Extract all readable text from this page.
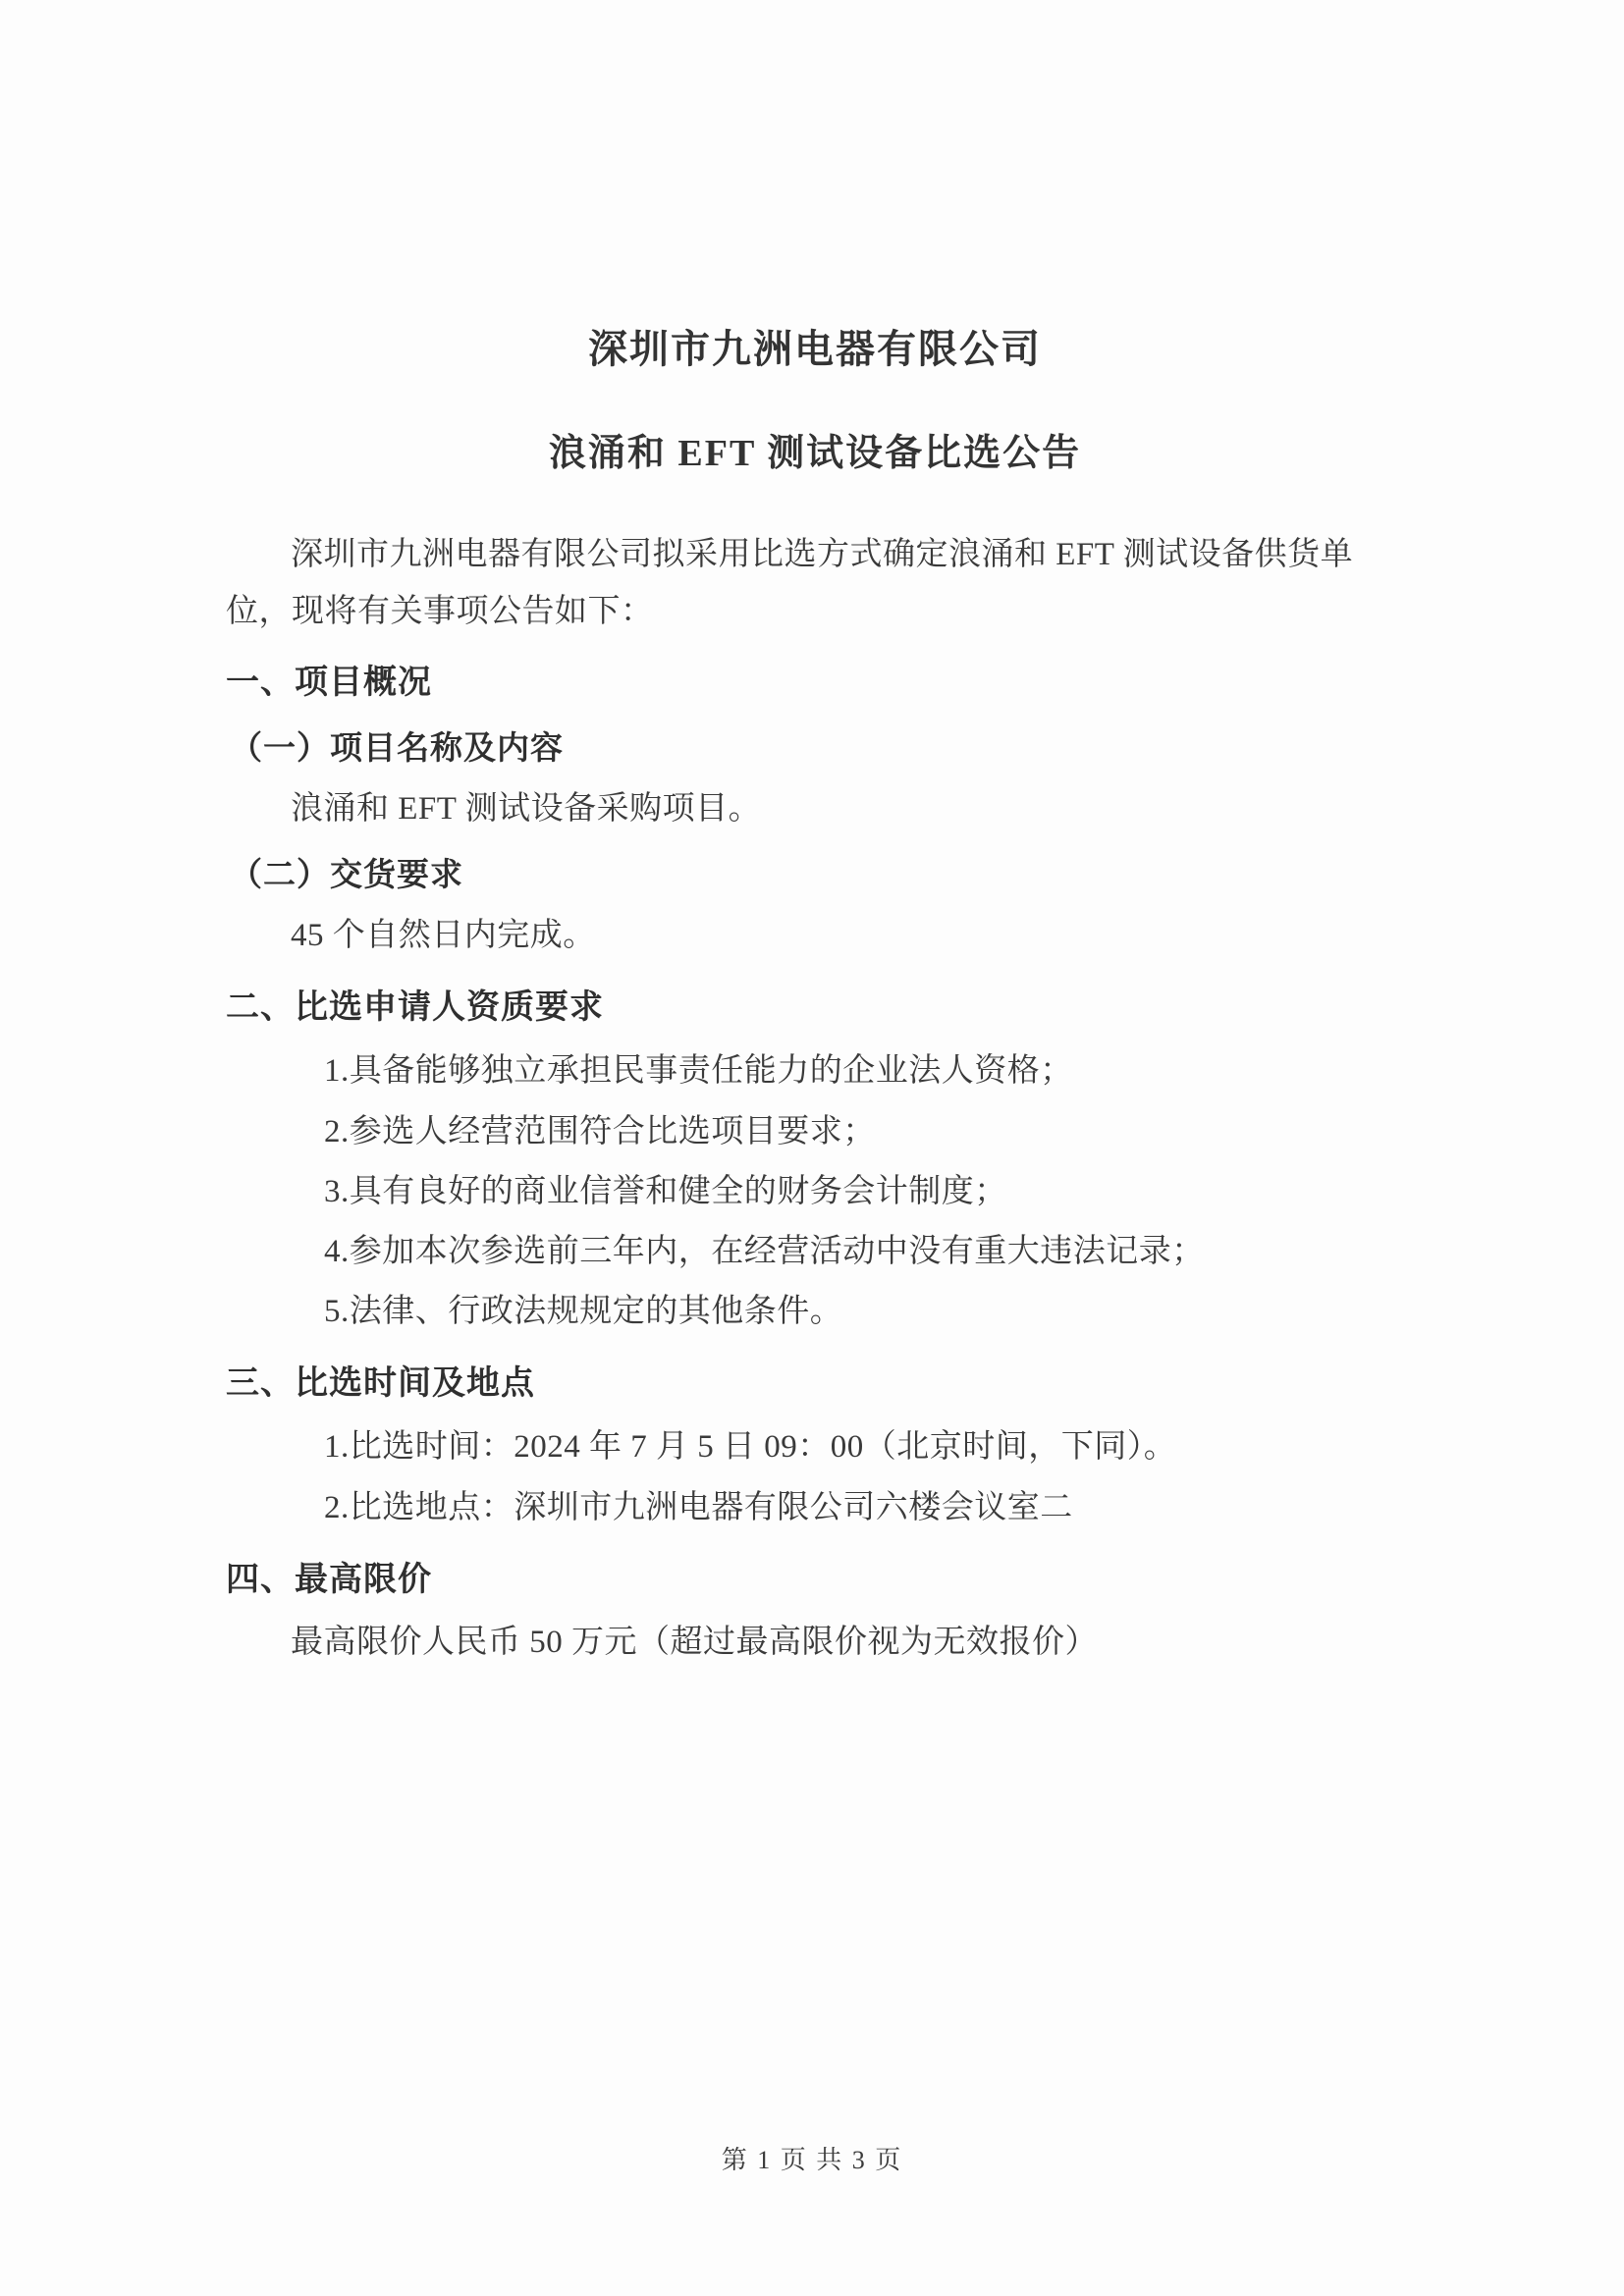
深圳市九洲电器有限公司
浪涌和 EFT 测试设备比选公告

深圳市九洲电器有限公司拟采用比选方式确定浪涌和 EFT 测试设备供货单位，现将有关事项公告如下：

一、项目概况

（一）项目名称及内容

浪涌和 EFT 测试设备采购项目。

（二）交货要求

45 个自然日内完成。

二、比选申请人资质要求

1.具备能够独立承担民事责任能力的企业法人资格；

2.参选人经营范围符合比选项目要求；

3.具有良好的商业信誉和健全的财务会计制度；

4.参加本次参选前三年内，在经营活动中没有重大违法记录；

5.法律、行政法规规定的其他条件。

三、比选时间及地点

1.比选时间：2024 年 7 月 5 日 09：00（北京时间，下同）。

2.比选地点：深圳市九洲电器有限公司六楼会议室二

四、最高限价

最高限价人民币 50 万元（超过最高限价视为无效报价）

第 1 页 共 3 页
